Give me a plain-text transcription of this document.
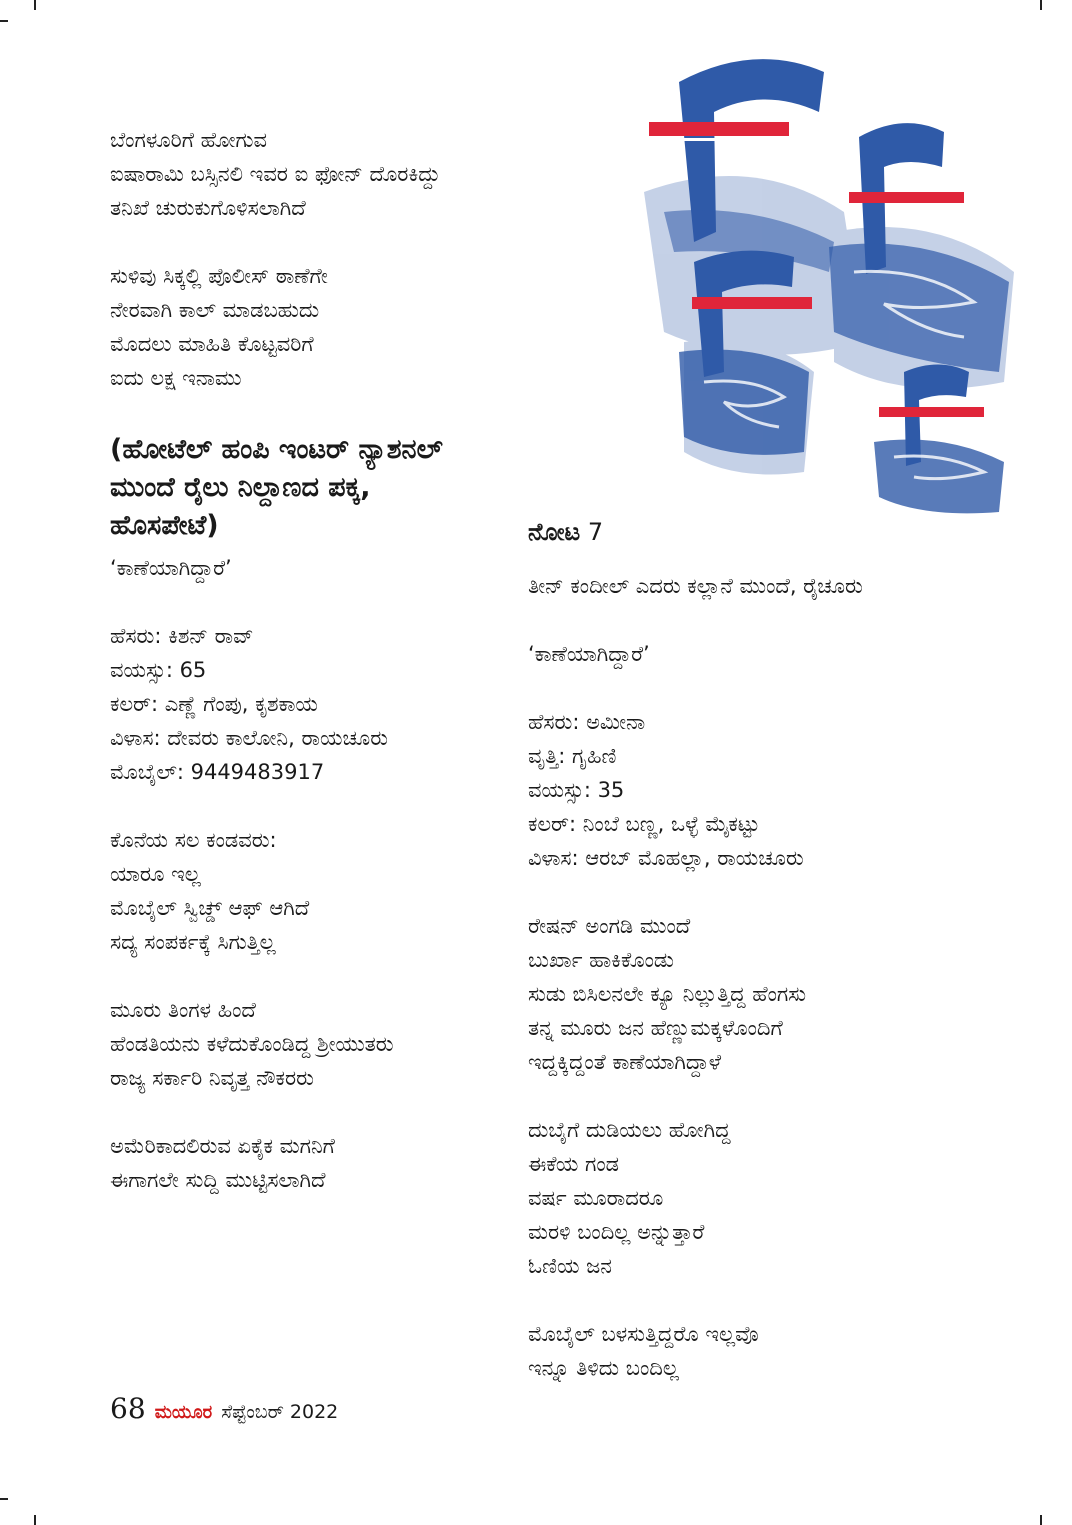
ಬೆಂಗಳೂರಿಗೆ ಹೋಗುವ
ಐಷಾರಾಮಿ ಬಸ್ಸಿನಲಿ ಇವರ ಐ ಫೋನ್ ದೊರಕಿದ್ದು
ತನಿಖೆ ಚುರುಕುಗೊಳಿಸಲಾಗಿದೆ
ಸುಳಿವು ಸಿಕ್ಕಲ್ಲಿ ಪೊಲೀಸ್ ಠಾಣೆಗೇ
ನೇರವಾಗಿ ಕಾಲ್ ಮಾಡಬಹುದು
ಮೊದಲು ಮಾಹಿತಿ ಕೊಟ್ಟವರಿಗೆ
ಐದು ಲಕ್ಷ ಇನಾಮು
(ಹೋಟೆಲ್ ಹಂಪಿ ಇಂಟರ್ ನ್ಯಾಶನಲ್
ಮುಂದೆ ರೈಲು ನಿಲ್ದಾಣದ ಪಕ್ಕ,
ಹೊಸಪೇಟೆ)
‘ಕಾಣೆಯಾಗಿದ್ದಾರೆ’
ಹೆಸರು: ಕಿಶನ್ ರಾವ್
ವಯಸ್ಸು: 65
ಕಲರ್: ಎಣ್ಣೆ ಗೆಂಪು, ಕೃಶಕಾಯ
ವಿಳಾಸ: ದೇವರು ಕಾಲೋನಿ, ರಾಯಚೂರು
ಮೊಬೈಲ್: 9449483917
ಕೊನೆಯ ಸಲ ಕಂಡವರು:
ಯಾರೂ ಇಲ್ಲ
ಮೊಬೈಲ್ ಸ್ವಿಚ್ಡ್ ಆಫ್ ಆಗಿದೆ
ಸದ್ಯ ಸಂಪರ್ಕಕ್ಕೆ ಸಿಗುತ್ತಿಲ್ಲ
ಮೂರು ತಿಂಗಳ ಹಿಂದೆ
ಹೆಂಡತಿಯನು ಕಳೆದುಕೊಂಡಿದ್ದ ಶ್ರೀಯುತರು
ರಾಜ್ಯ ಸರ್ಕಾರಿ ನಿವೃತ್ತ ನೌಕರರು
ಅಮೆರಿಕಾದಲಿರುವ ಏಕೈಕ ಮಗನಿಗೆ
ಈಗಾಗಲೇ ಸುದ್ದಿ ಮುಟ್ಟಿಸಲಾಗಿದೆ
ನೋಟ 7
ತೀನ್ ಕಂದೀಲ್ ಎದರು ಕಲ್ಲಾನೆ ಮುಂದೆ, ರೈಚೂರು
‘ಕಾಣೆಯಾಗಿದ್ದಾರೆ’
ಹೆಸರು: ಅಮೀನಾ
ವೃತ್ತಿ: ಗೃಹಿಣಿ
ವಯಸ್ಸು: 35
ಕಲರ್: ನಿಂಬೆ ಬಣ್ಣ, ಒಳ್ಳೆ ಮೈಕಟ್ಟು
ವಿಳಾಸ: ಆರಬ್ ಮೊಹಲ್ಲಾ, ರಾಯಚೂರು
ರೇಷನ್ ಅಂಗಡಿ ಮುಂದೆ
ಬುರ್ಖಾ ಹಾಕಿಕೊಂಡು
ಸುಡು ಬಿಸಿಲನಲೇ ಕ್ಯೂ ನಿಲ್ಲುತ್ತಿದ್ದ ಹೆಂಗಸು
ತನ್ನ ಮೂರು ಜನ ಹೆಣ್ಣುಮಕ್ಕಳೊಂದಿಗೆ
ಇದ್ದಕ್ಕಿದ್ದಂತೆ ಕಾಣೆಯಾಗಿದ್ದಾಳೆ
ದುಬೈಗೆ ದುಡಿಯಲು ಹೋಗಿದ್ದ
ಈಕೆಯ ಗಂಡ
ವರ್ಷ ಮೂರಾದರೂ
ಮರಳಿ ಬಂದಿಲ್ಲ ಅನ್ನುತ್ತಾರೆ
ಓಣಿಯ ಜನ
ಮೊಬೈಲ್ ಬಳಸುತ್ತಿದ್ದರೊ ಇಲ್ಲವೊ
ಇನ್ನೂ ತಿಳಿದು ಬಂದಿಲ್ಲ
68 ಮಯೂರ ಸೆಪ್ಟೆಂಬರ್ 2022
